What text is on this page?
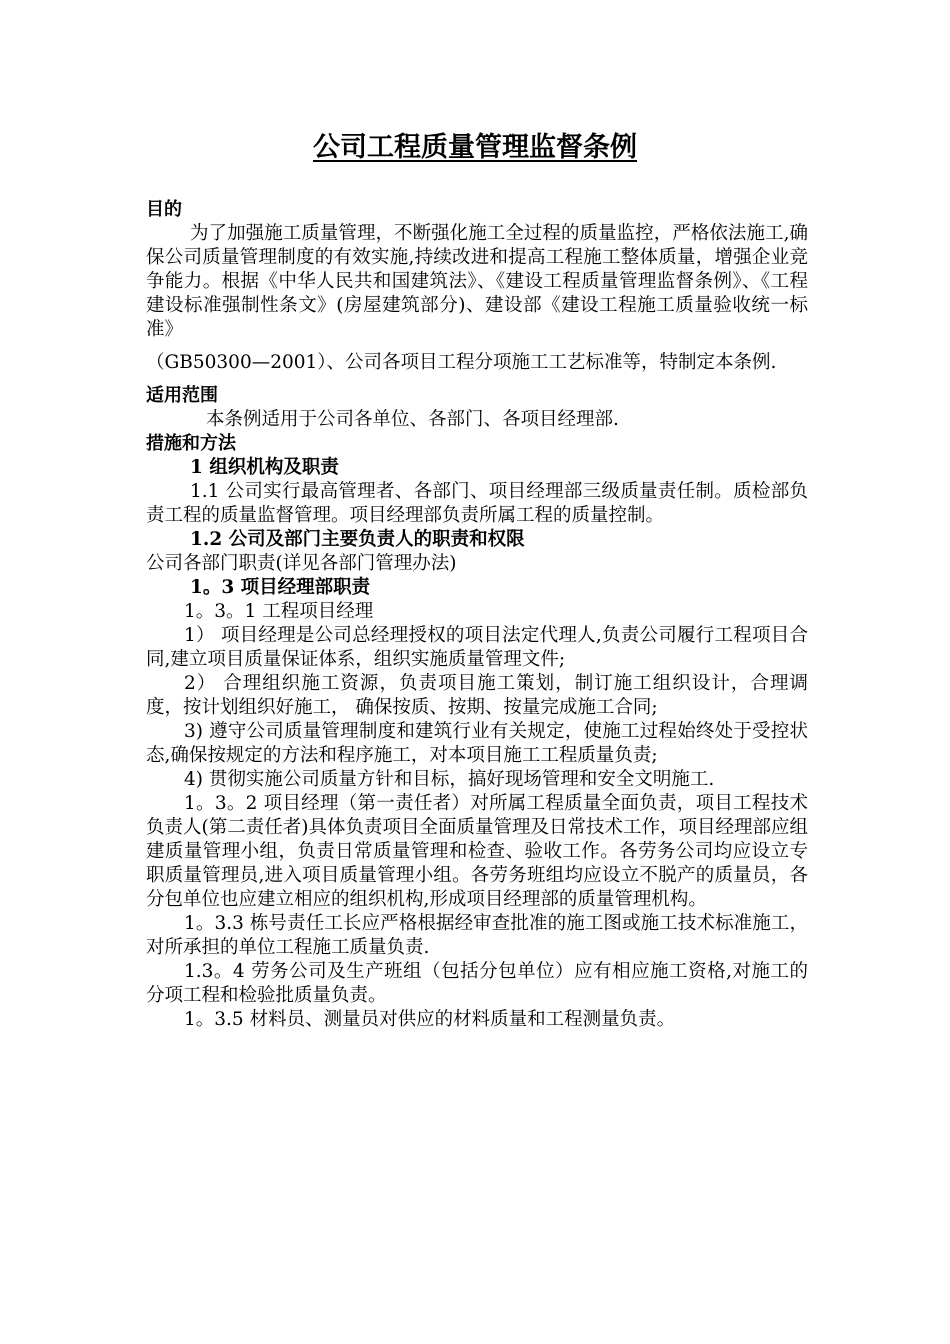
公司工程质量管理监督条例
目的

为了加强施工质量管理，不断强化施工全过程的质量监控，严格依法施工,确保公司质量管理制度的有效实施,持续改进和提高工程施工整体质量，增强企业竞争能力。根据《中华人民共和国建筑法》、《建设工程质量管理监督条例》、《工程建设标准强制性条文》(房屋建筑部分)、建设部《建设工程施工质量验收统一标准》

（GB50300—2001）、公司各项目工程分项施工工艺标准等，特制定本条例.

适用范围

本条例适用于公司各单位、各部门、各项目经理部.

措施和方法
1 组织机构及职责

1.1 公司实行最高管理者、各部门、项目经理部三级质量责任制。质检部负责工程的质量监督管理。项目经理部负责所属工程的质量控制。

1.2 公司及部门主要负责人的职责和权限

公司各部门职责(详见各部门管理办法)

1。3 项目经理部职责

1。3。1 工程项目经理

1） 项目经理是公司总经理授权的项目法定代理人,负责公司履行工程项目合同,建立项目质量保证体系，组织实施质量管理文件;

2） 合理组织施工资源，负责项目施工策划，制订施工组织设计，合理调度，按计划组织好施工， 确保按质、按期、按量完成施工合同;

3) 遵守公司质量管理制度和建筑行业有关规定，使施工过程始终处于受控状态,确保按规定的方法和程序施工，对本项目施工工程质量负责;

4) 贯彻实施公司质量方针和目标，搞好现场管理和安全文明施工.

1。3。2 项目经理（第一责任者）对所属工程质量全面负责，项目工程技术负责人(第二责任者)具体负责项目全面质量管理及日常技术工作，项目经理部应组建质量管理小组，负责日常质量管理和检查、验收工作。各劳务公司均应设立专职质量管理员,进入项目质量管理小组。各劳务班组均应设立不脱产的质量员，各分包单位也应建立相应的组织机构,形成项目经理部的质量管理机构。

1。3.3 栋号责任工长应严格根据经审查批准的施工图或施工技术标准施工，对所承担的单位工程施工质量负责.

1.3。4 劳务公司及生产班组（包括分包单位）应有相应施工资格,对施工的分项工程和检验批质量负责。

1。3.5 材料员、测量员对供应的材料质量和工程测量负责。
